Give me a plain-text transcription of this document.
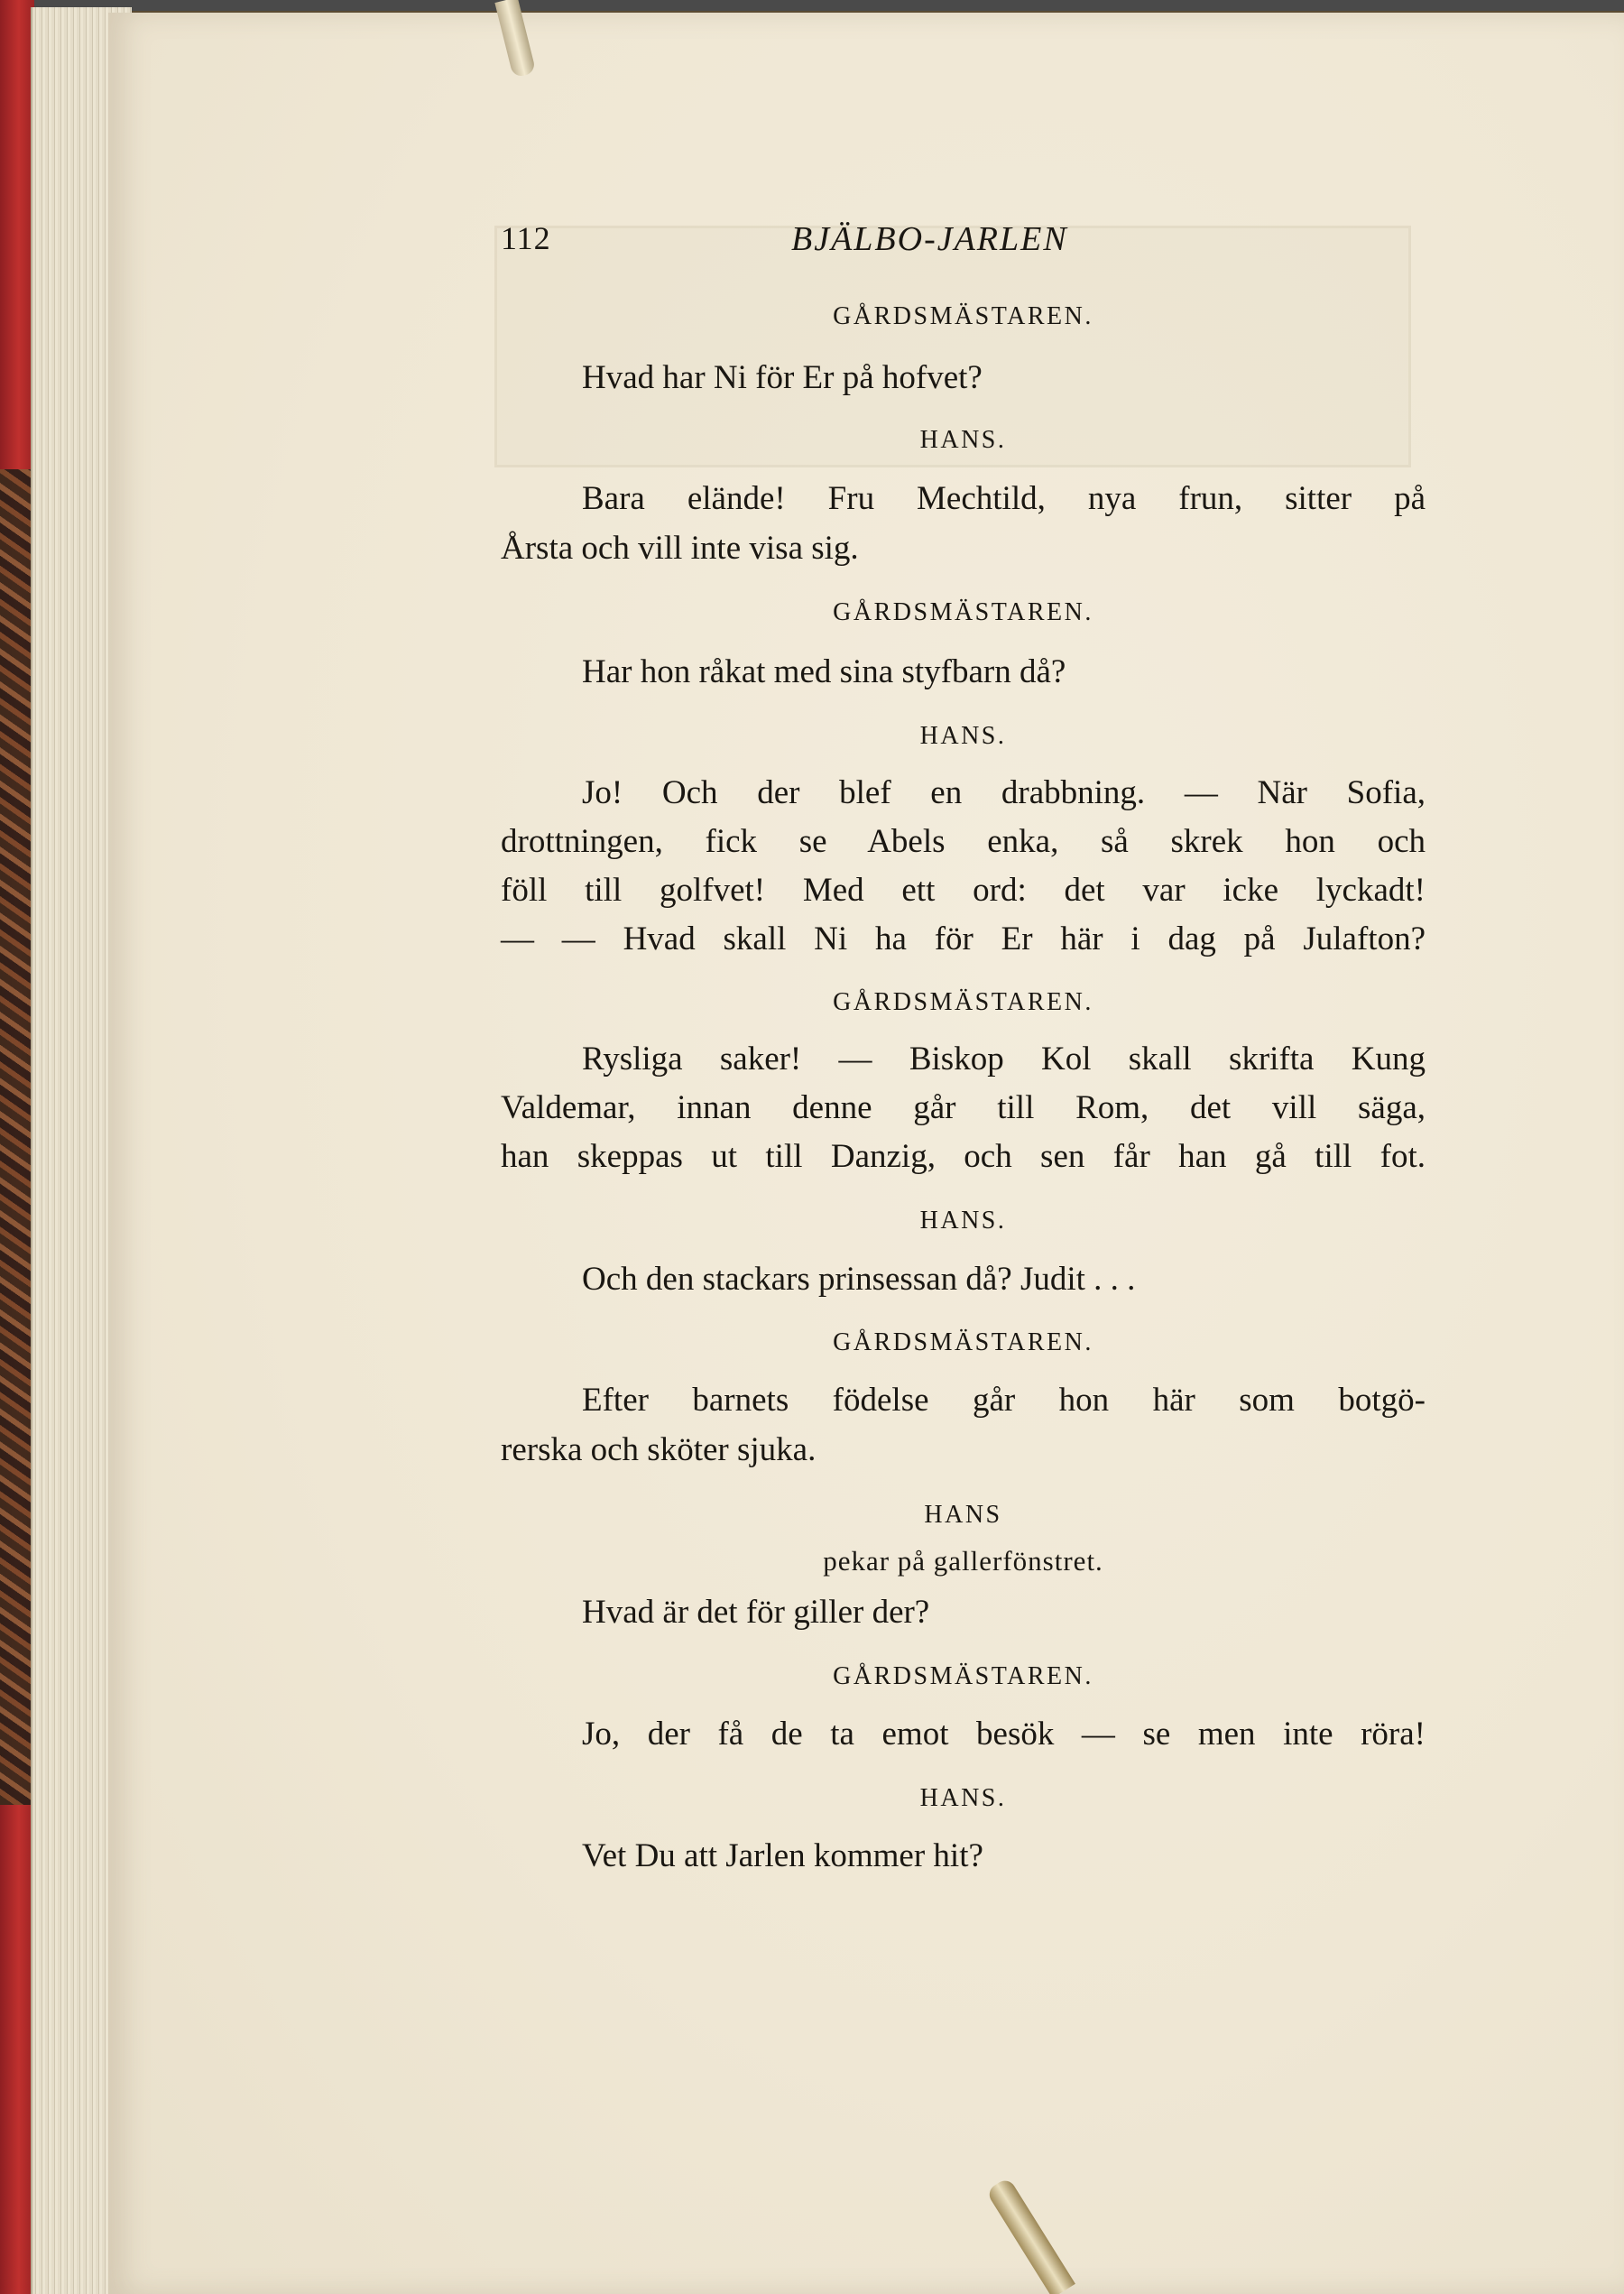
112	BJÄLBO-JARLEN
GÅRDSMÄSTAREN.
Hvad har Ni för Er på hofvet?
HANS.
Bara elände! Fru Mechtild, nya frun, sitter på
Årsta och vill inte visa sig.
GÅRDSMÄSTAREN.
Har hon råkat med sina styfbarn då?
HANS.
Jo! Och der blef en drabbning. — När Sofia,
drottningen, fick se Abels enka, så skrek hon och
föll till golfvet! Med ett ord: det var icke lyckadt!
— — Hvad skall Ni ha för Er här i dag på Julafton?
GÅRDSMÄSTAREN.
Rysliga saker! — Biskop Kol skall skrifta Kung
Valdemar, innan denne går till Rom, det vill säga,
han skeppas ut till Danzig, och sen får han gå till fot.
HANS.
Och den stackars prinsessan då? Judit . . .
GÅRDSMÄSTAREN.
Efter barnets födelse går hon här som botgö-
rerska och sköter sjuka.
HANS
pekar på gallerfönstret.
Hvad är det för giller der?
GÅRDSMÄSTAREN.
Jo, der få de ta emot besök — se men inte röra!
HANS.
Vet Du att Jarlen kommer hit?
